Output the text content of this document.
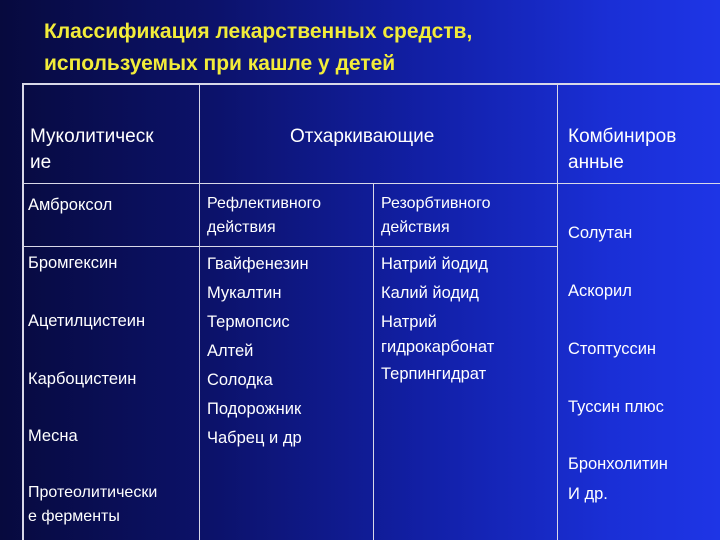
Классификация лекарственных средств,
используемых при кашле у детей
Муколитическ
ие
Отхаркивающие	Комбиниров
анные
Рефлективного
действия
Резорбтивного
действия
Амброксол
Бромгексин
Ацетилцистеин
Карбоцистеин
Месна
Протеолитически
е ферменты
Гвайфенезин
Мукалтин
Термопсис
Алтей
Солодка
Подорожник
Чабрец и др
Натрий йодид
Калий йодид
Натрий
гидрокарбонат
Терпингидрат
Солутан
Аскорил
Стоптуссин
Туссин плюс
Бронхолитин
И др.
